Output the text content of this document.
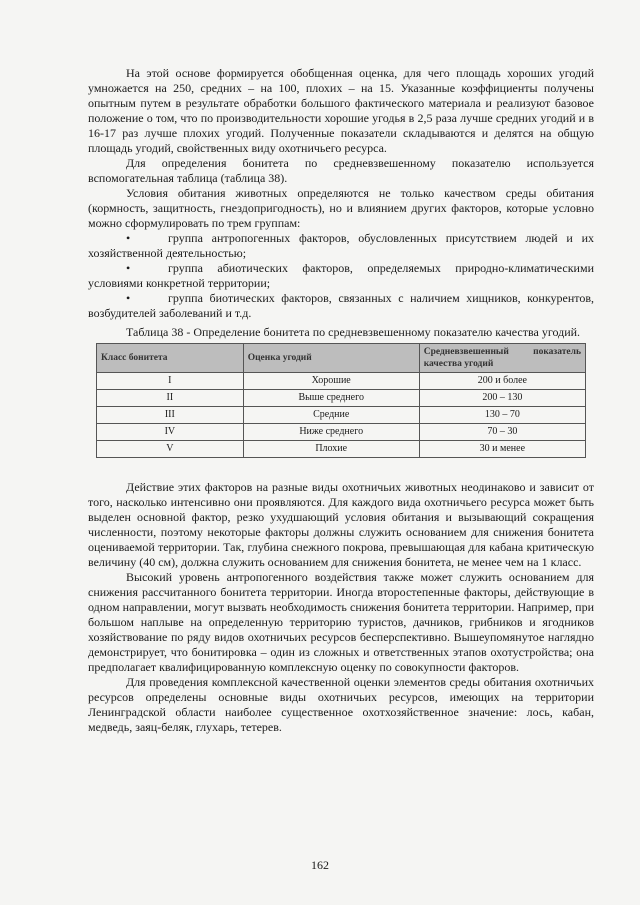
На этой основе формируется обобщенная оценка, для чего площадь хороших угодий умножается на 250, средних – на 100, плохих – на 15. Указанные коэффициенты получены опытным путем в результате обработки большого фактического материала и реализуют базовое положение о том, что по производительности хорошие угодья в 2,5 раза лучше средних угодий и в 16-17 раз лучше плохих угодий. Полученные показатели складываются и делятся на общую площадь угодий, свойственных виду охотничьего ресурса.

Для определения бонитета по средневзвешенному показателю используется вспомогательная таблица (таблица 38).

Условия обитания животных определяются не только качеством среды обитания (кормность, защитность, гнездопригодность), но и влиянием других факторов, которые условно можно сформулировать по трем группам:

•	группа антропогенных факторов, обусловленных присутствием людей и их хозяйственной деятельностью;
•	группа абиотических факторов, определяемых природно-климатическими условиями конкретной территории;
•	группа биотических факторов, связанных с наличием хищников, конкурентов, возбудителей заболеваний и т.д.

Таблица 38 - Определение бонитета по средневзвешенному показателю качества угодий.

Класс бонитета	Оценка угодий	Средневзвешенный показатель качества угодий
I	Хорошие	200 и более
II	Выше среднего	200 – 130
III	Средние	130 – 70
IV	Ниже среднего	70 – 30
V	Плохие	30 и менее

Действие этих факторов на разные виды охотничьих животных неодинаково и зависит от того, насколько интенсивно они проявляются. Для каждого вида охотничьего ресурса может быть выделен основной фактор, резко ухудшающий условия обитания и вызывающий сокращения численности, поэтому некоторые факторы должны служить основанием для снижения бонитета оцениваемой территории. Так, глубина снежного покрова, превышающая для кабана критическую величину (40 см), должна служить основанием для снижения бонитета, не менее чем на 1 класс.

Высокий уровень антропогенного воздействия также может служить основанием для снижения рассчитанного бонитета территории. Иногда второстепенные факторы, действующие в одном направлении, могут вызвать необходимость снижения бонитета территории. Например, при большом наплыве на определенную территорию туристов, дачников, грибников и ягодников хозяйствование по ряду видов охотничьих ресурсов бесперспективно. Вышеупомянутое наглядно демонстрирует, что бонитировка – один из сложных и ответственных этапов охотустройства; она предполагает квалифицированную комплексную оценку по совокупности факторов.

Для проведения комплексной качественной оценки элементов среды обитания охотничьих ресурсов определены основные виды охотничьих ресурсов, имеющих на территории Ленинградской области наиболее существенное охотхозяйственное значение: лось, кабан, медведь, заяц-беляк, глухарь, тетерев.

162
